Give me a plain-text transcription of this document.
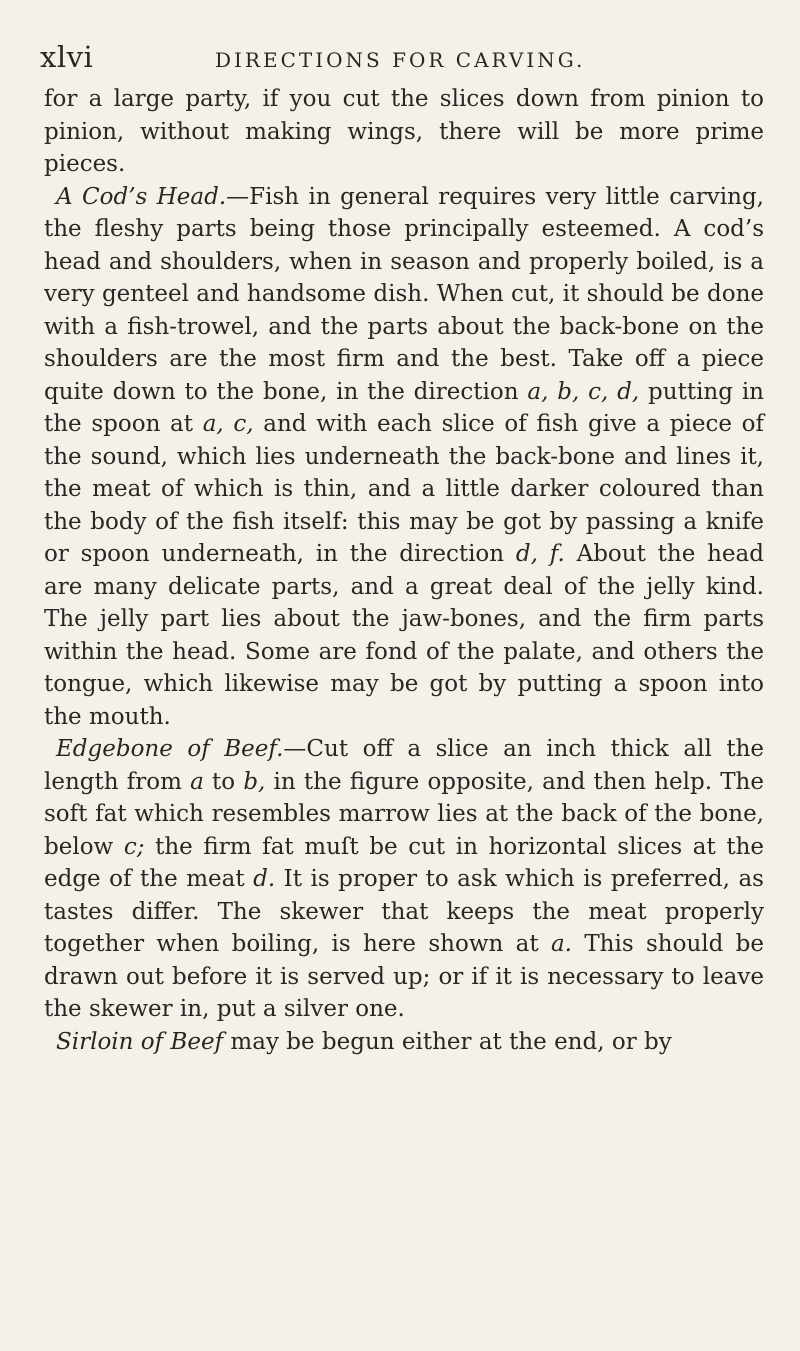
xlvi	DIRECTIONS FOR CARVING.

for a large party, if you cut the slices down from pinion to pinion, without making wings, there will be more prime pieces.

A Cod’s Head.—Fish in general requires very little carving, the fleshy parts being those principally esteemed. A cod’s head and shoulders, when in season and properly boiled, is a very genteel and handsome dish. When cut, it should be done with a fish-trowel, and the parts about the back-bone on the shoulders are the most firm and the best. Take off a piece quite down to the bone, in the direction a, b, c, d, putting in the spoon at a, c, and with each slice of fish give a piece of the sound, which lies underneath the back-bone and lines it, the meat of which is thin, and a little darker coloured than the body of the fish itself: this may be got by passing a knife or spoon underneath, in the direction d, f. About the head are many delicate parts, and a great deal of the jelly kind. The jelly part lies about the jaw-bones, and the firm parts within the head. Some are fond of the palate, and others the tongue, which likewise may be got by putting a spoon into the mouth.

Edgebone of Beef.—Cut off a slice an inch thick all the length from a to b, in the figure opposite, and then help. The soft fat which resembles marrow lies at the back of the bone, below c; the firm fat muſt be cut in horizontal slices at the edge of the meat d. It is proper to ask which is preferred, as tastes differ. The skewer that keeps the meat properly together when boiling, is here shown at a. This should be drawn out before it is served up; or if it is necessary to leave the skewer in, put a silver one.

Sirloin of Beef may be begun either at the end, or by
